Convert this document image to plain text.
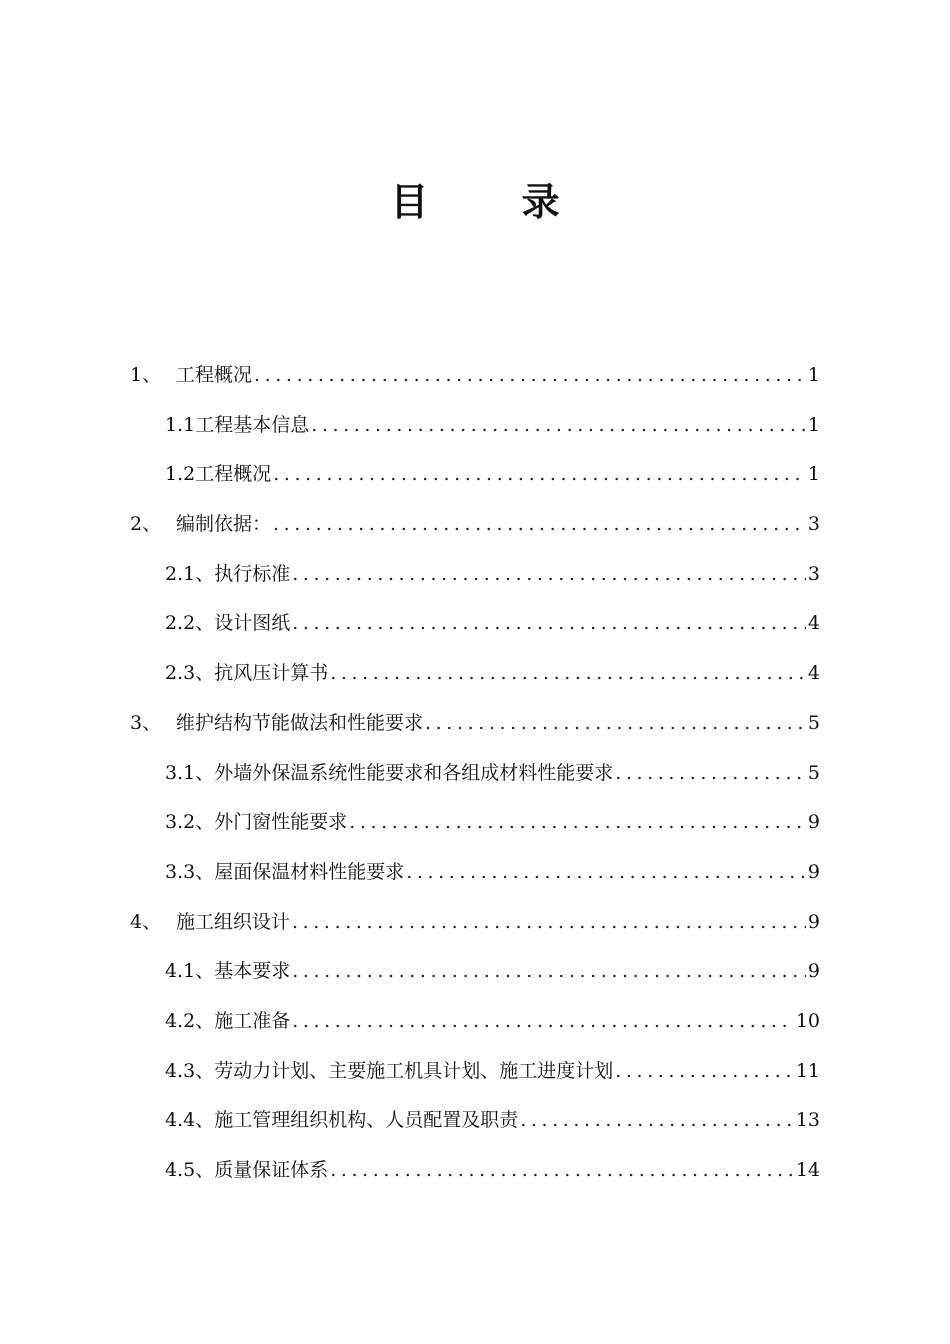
目 录
1、 工程概况 .....	1
1.1工程基本信息 .....	1
1.2工程概况 .....	1
2、 编制依据： .....	3
2.1、执行标准 .....	3
2.2、设计图纸 .....	4
2.3、抗风压计算书 .....	4
3、 维护结构节能做法和性能要求 .....	5
3.1、外墙外保温系统性能要求和各组成材料性能要求 .....	5
3.2、外门窗性能要求 .....	9
3.3、屋面保温材料性能要求 .....	9
4、 施工组织设计 .....	9
4.1、基本要求 .....	9
4.2、施工准备 .....	10
4.3、劳动力计划、主要施工机具计划、施工进度计划 .....	11
4.4、施工管理组织机构、人员配置及职责 .....	13
4.5、质量保证体系 .....	14
